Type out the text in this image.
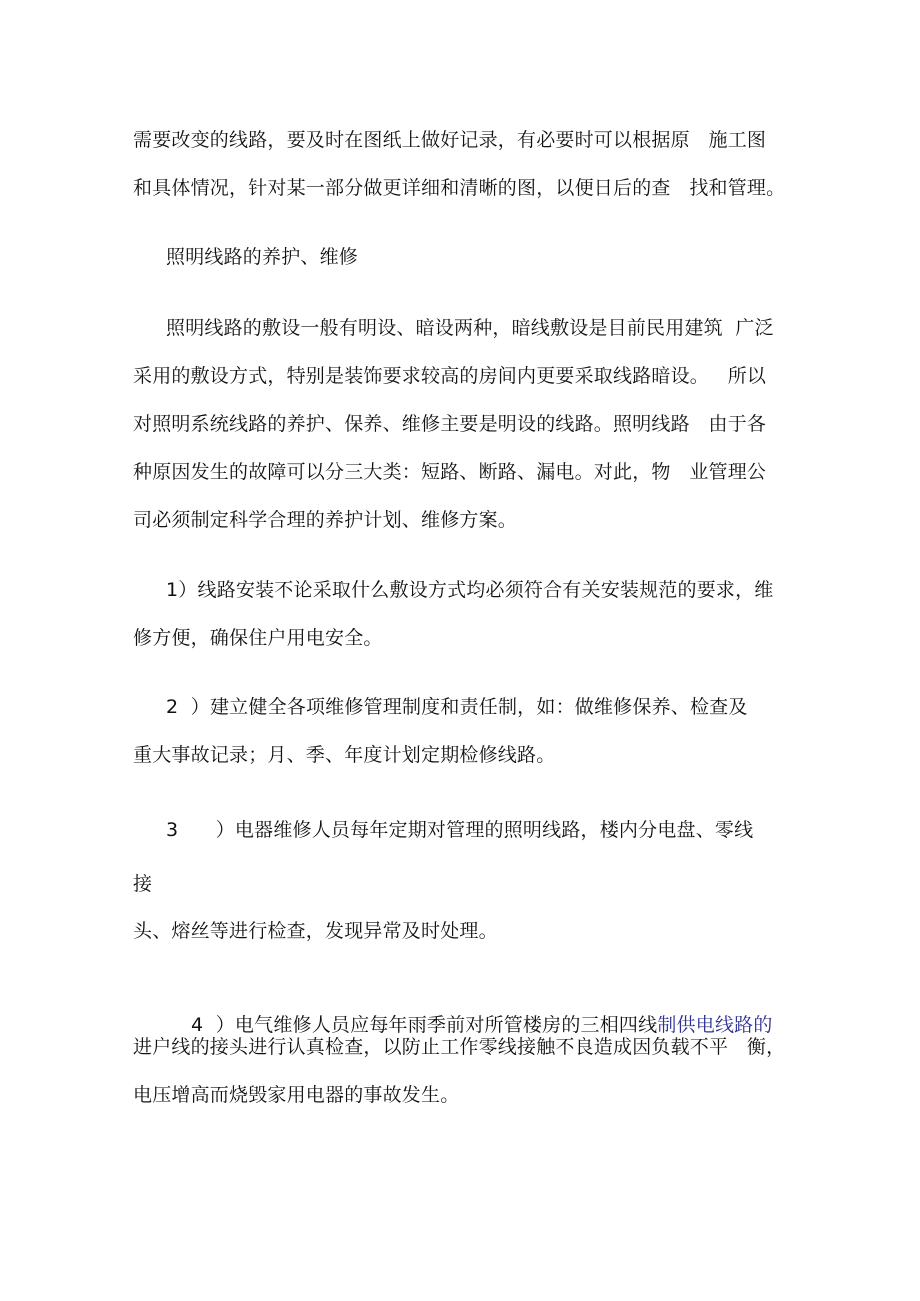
需要改变的线路，要及时在图纸上做好记录，有必要时可以根据原   施工图
和具体情况，针对某一部分做更详细和清晰的图，以便日后的查   找和管理。
照明线路的养护、维修
照明线路的敷设一般有明设、暗设两种，暗线敷设是目前民用建筑  广泛
采用的敷设方式，特别是装饰要求较高的房间内更要采取线路暗设。   所以
对照明系统线路的养护、保养、维修主要是明设的线路。照明线路   由于各
种原因发生的故障可以分三大类：短路、断路、漏电。对此，物   业管理公
司必须制定科学合理的养护计划、维修方案。
1）线路安装不论采取什么敷设方式均必须符合有关安装规范的要求，维
修方便，确保住户用电安全。
2  ）建立健全各项维修管理制度和责任制，如：做维修保养、检查及
重大事故记录；月、季、年度计划定期检修线路。
3      ）电器维修人员每年定期对管理的照明线路，楼内分电盘、零线
接
头、熔丝等进行检查，发现异常及时处理。

4  ）电气维修人员应每年雨季前对所管楼房的三相四线制供电线路的

进户线的接头进行认真检查，以防止工作零线接触不良造成因负载不平   衡，
电压增高而烧毁家用电器的事故发生。
